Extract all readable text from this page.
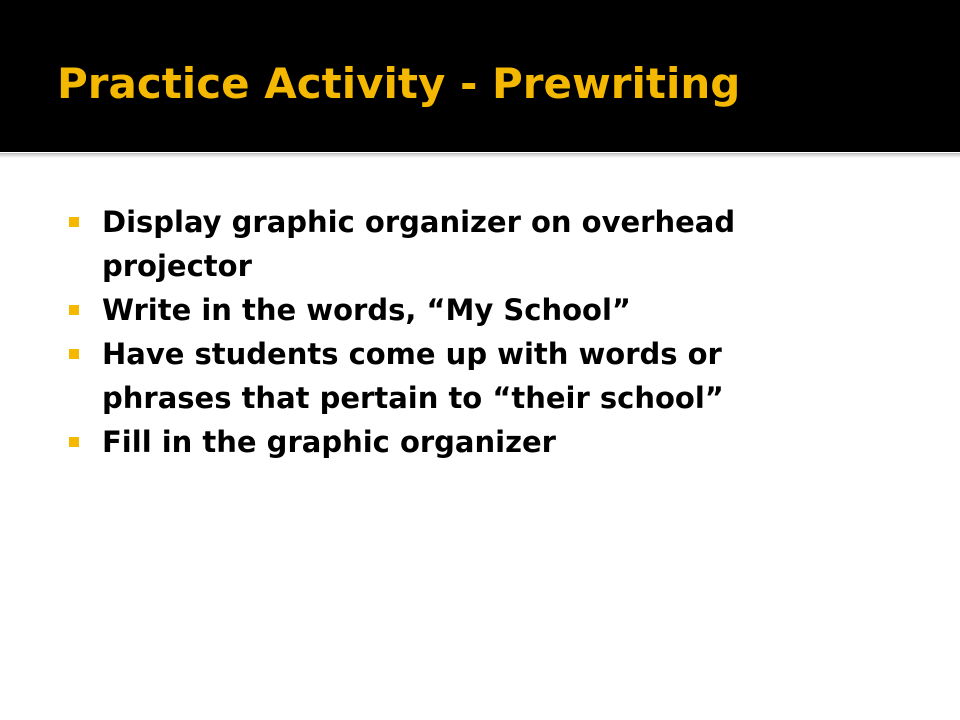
Practice Activity - Prewriting
Display graphic organizer on overhead projector
Write in the words, “My School”
Have students come up with words or phrases that pertain to “their school”
Fill in the graphic organizer
